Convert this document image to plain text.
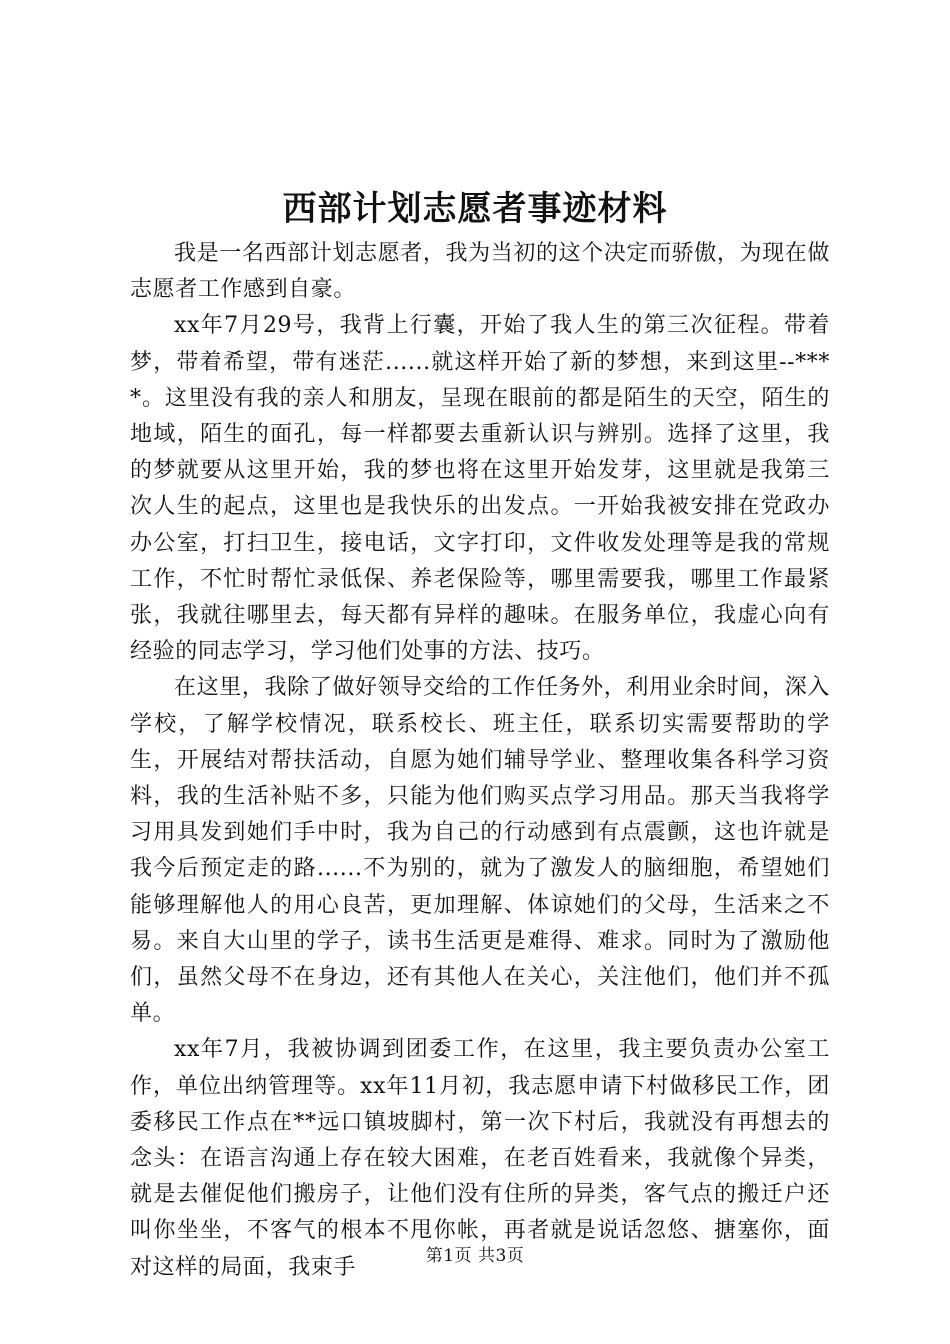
西部计划志愿者事迹材料

我是一名西部计划志愿者，我为当初的这个决定而骄傲，为现在做志愿者工作感到自豪。

xx年7月29号，我背上行囊，开始了我人生的第三次征程。带着梦，带着希望，带有迷茫......就这样开始了新的梦想，来到这里--****。这里没有我的亲人和朋友，呈现在眼前的都是陌生的天空，陌生的地域，陌生的面孔，每一样都要去重新认识与辨别。选择了这里，我的梦就要从这里开始，我的梦也将在这里开始发芽，这里就是我第三次人生的起点，这里也是我快乐的出发点。一开始我被安排在党政办办公室，打扫卫生，接电话，文字打印，文件收发处理等是我的常规工作，不忙时帮忙录低保、养老保险等，哪里需要我，哪里工作最紧张，我就往哪里去，每天都有异样的趣味。在服务单位，我虚心向有经验的同志学习，学习他们处事的方法、技巧。

在这里，我除了做好领导交给的工作任务外，利用业余时间，深入学校，了解学校情况，联系校长、班主任，联系切实需要帮助的学生，开展结对帮扶活动，自愿为她们辅导学业、整理收集各科学习资料，我的生活补贴不多，只能为他们购买点学习用品。那天当我将学习用具发到她们手中时，我为自己的行动感到有点震颤，这也许就是我今后预定走的路......不为别的，就为了激发人的脑细胞，希望她们能够理解他人的用心良苦，更加理解、体谅她们的父母，生活来之不易。来自大山里的学子，读书生活更是难得、难求。同时为了激励他们，虽然父母不在身边，还有其他人在关心，关注他们，他们并不孤单。

xx年7月，我被协调到团委工作，在这里，我主要负责办公室工作，单位出纳管理等。xx年11月初，我志愿申请下村做移民工作，团委移民工作点在**远口镇坡脚村，第一次下村后，我就没有再想去的念头：在语言沟通上存在较大困难，在老百姓看来，我就像个异类，就是去催促他们搬房子，让他们没有住所的异类，客气点的搬迁户还叫你坐坐，不客气的根本不甩你帐，再者就是说话忽悠、搪塞你，面对这样的局面，我束手	第1页 共3页
